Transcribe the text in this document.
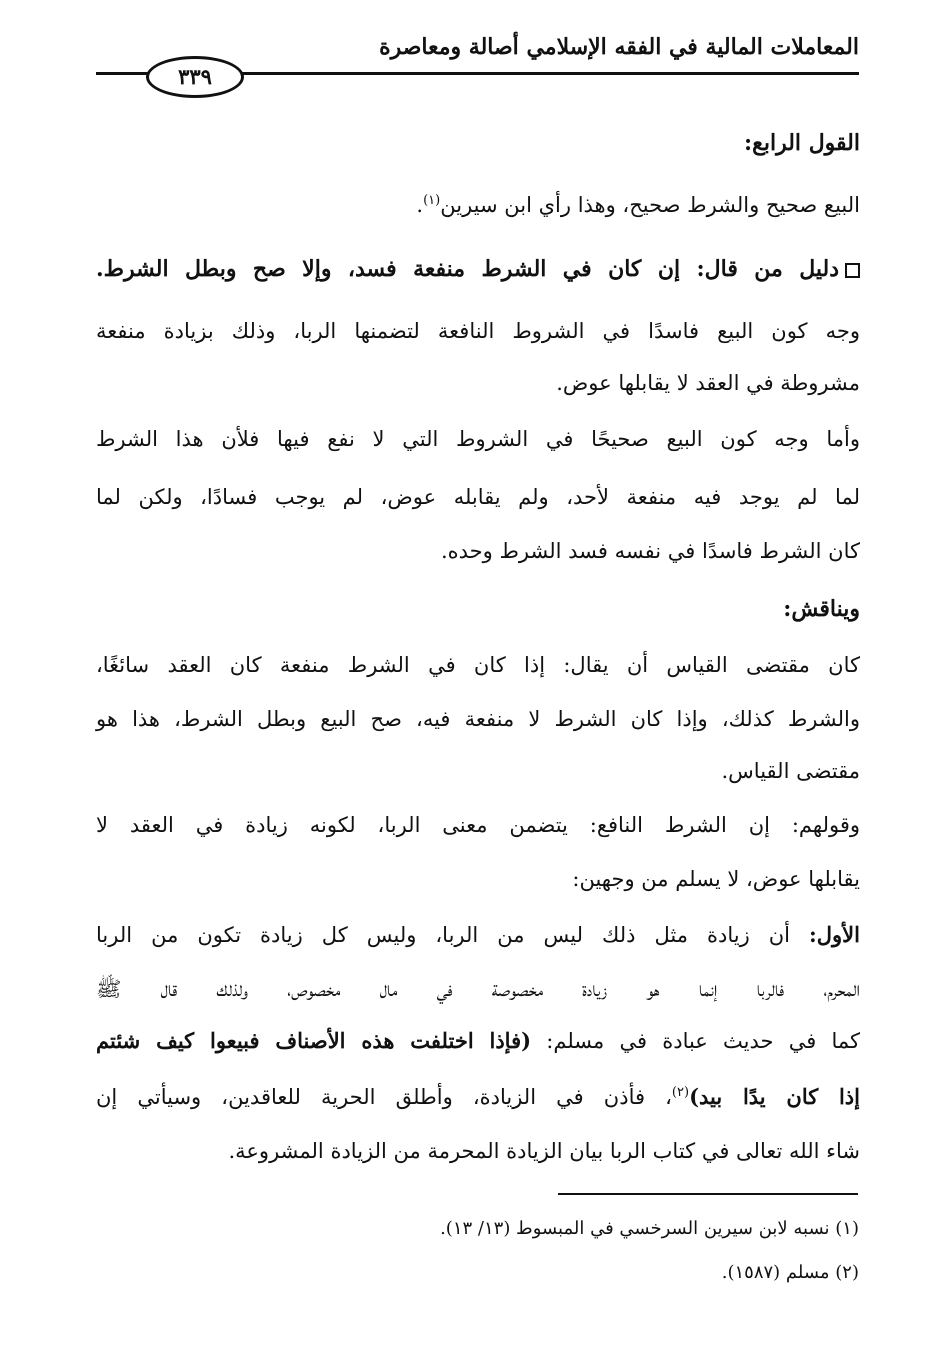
المعاملات المالية في الفقه الإسلامي أصالة ومعاصرة
٣٣٩
القول الرابع:
البيع صحيح والشرط صحيح، وهذا رأي ابن سيرين$^{(١)}$.
دليل من قال: إن كان في الشرط منفعة فسد، وإلا صح وبطل الشرط.
وجه كون البيع فاسدًا في الشروط النافعة لتضمنها الربا، وذلك بزيادة منفعة
مشروطة في العقد لا يقابلها عوض.
وأما وجه كون البيع صحيحًا في الشروط التي لا نفع فيها فلأن هذا الشرط
لما لم يوجد فيه منفعة لأحد، ولم يقابله عوض، لم يوجب فسادًا، ولكن لما
كان الشرط فاسدًا في نفسه فسد الشرط وحده.
ويناقش:
كان مقتضى القياس أن يقال: إذا كان في الشرط منفعة كان العقد سائغًا،
والشرط كذلك، وإذا كان الشرط لا منفعة فيه، صح البيع وبطل الشرط، هذا هو
مقتضى القياس.
وقولهم: إن الشرط النافع: يتضمن معنى الربا، لكونه زيادة في العقد لا
يقابلها عوض، لا يسلم من وجهين:
الأول: أن زيادة مثل ذلك ليس من الربا، وليس كل زيادة تكون من الربا
المحرم، فالربا إنما هو زيادة مخصوصة في مال مخصوص، ولذلك قال ﷺ
كما في حديث عبادة في مسلم: (فإذا اختلفت هذه الأصناف فبيعوا كيف شئتم
إذا كان يدًا بيد)$^{(٢)}$، فأذن في الزيادة، وأطلق الحرية للعاقدين، وسيأتي إن
شاء الله تعالى في كتاب الربا بيان الزيادة المحرمة من الزيادة المشروعة.
(١) نسبه لابن سيرين السرخسي في المبسوط (١٣/ ١٣).
(٢) مسلم (١٥٨٧).
